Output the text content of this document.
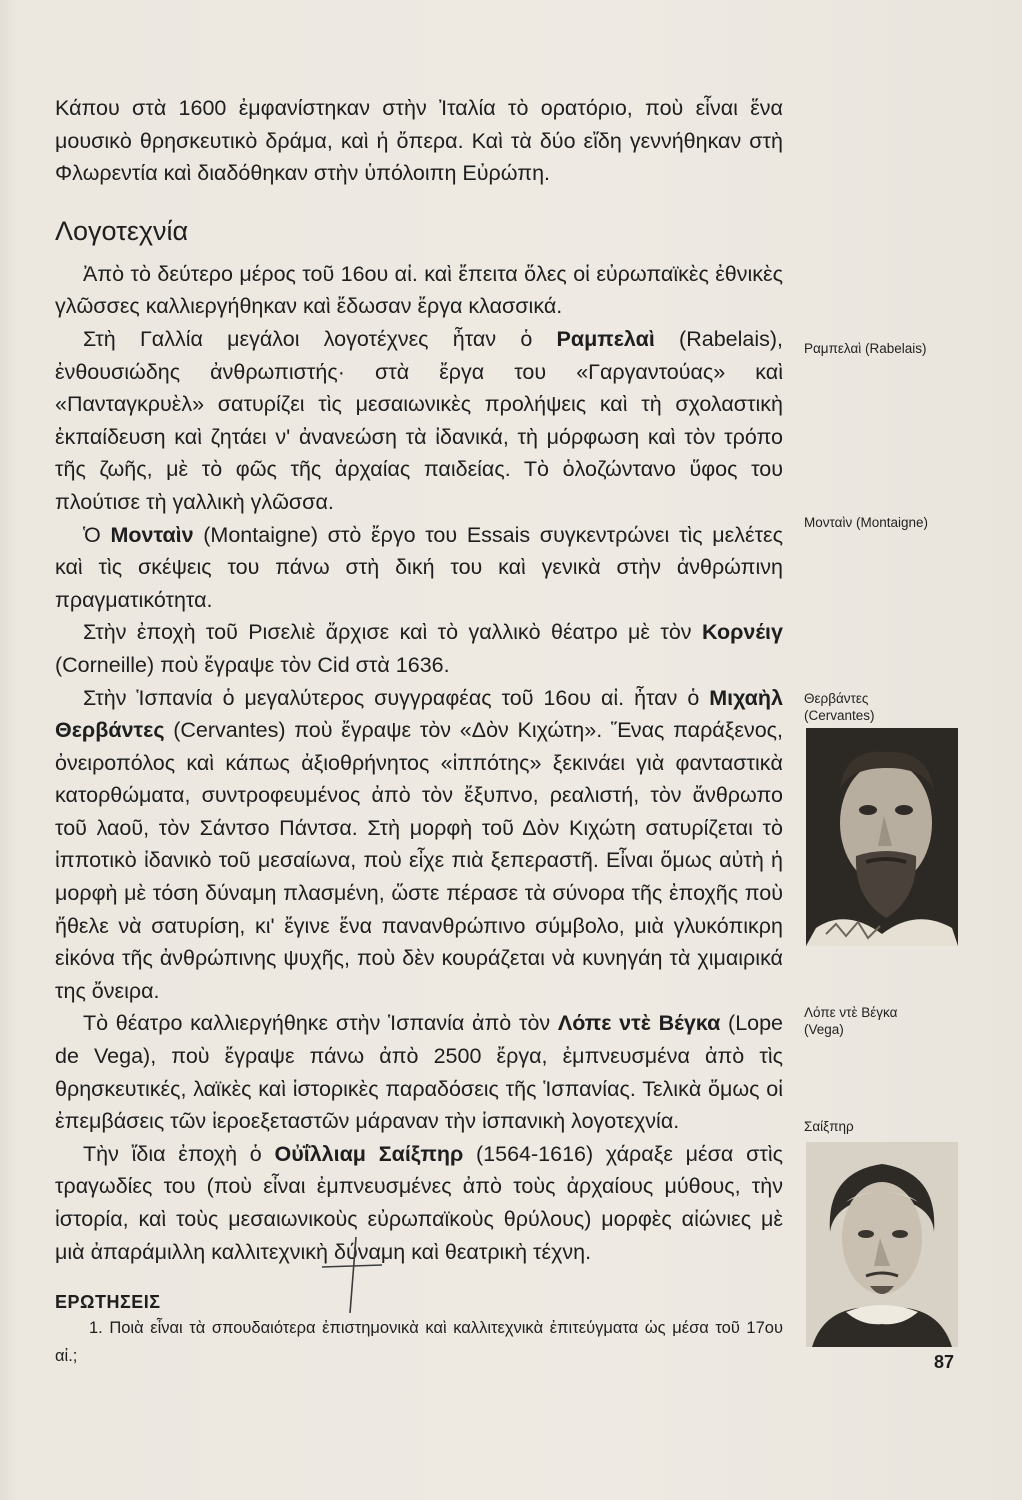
Κάπου στὰ 1600 ἐμφανίστηκαν στὴν Ἰταλία τὸ ορατόριο, ποὺ εἶναι ἕνα μουσικὸ θρησκευτικὸ δράμα, καὶ ἡ ὄπερα. Καὶ τὰ δύο εἴδη γεννήθηκαν στὴ Φλωρεντία καὶ διαδόθηκαν στὴν ὑπόλοιπη Εὐρώπη.

Λογοτεχνία

Ἀπὸ τὸ δεύτερο μέρος τοῦ 16ου αἰ. καὶ ἔπειτα ὅλες οἱ εὐρωπαϊκὲς ἐθνικὲς γλῶσσες καλλιεργήθηκαν καὶ ἔδωσαν ἔργα κλασσικά.

Στὴ Γαλλία μεγάλοι λογοτέχνες ἦταν ὁ Ραμπελαὶ (Rabelais), ἐνθουσιώδης ἀνθρωπιστής· στὰ ἔργα του «Γαργαντούας» καὶ «Πανταγκρυὲλ» σατυρίζει τὶς μεσαιωνικὲς προλήψεις καὶ τὴ σχολαστικὴ ἐκπαίδευση καὶ ζητάει ν' ἀνανεώση τὰ ἰδανικά, τὴ μόρφωση καὶ τὸν τρόπο τῆς ζωῆς, μὲ τὸ φῶς τῆς ἀρχαίας παιδείας. Τὸ ὁλοζώντανο ὕφος του πλούτισε τὴ γαλλικὴ γλῶσσα.

Ὁ Μονταὶν (Montaigne) στὸ ἔργο του Essais συγκεντρώνει τὶς μελέτες καὶ τὶς σκέψεις του πάνω στὴ δική του καὶ γενικὰ στὴν ἀνθρώπινη πραγματικότητα.

Στὴν ἐποχὴ τοῦ Ρισελιὲ ἄρχισε καὶ τὸ γαλλικὸ θέατρο μὲ τὸν Κορνέιγ (Corneille) ποὺ ἔγραψε τὸν Cid στὰ 1636.

Στὴν Ἱσπανία ὁ μεγαλύτερος συγγραφέας τοῦ 16ου αἰ. ἦταν ὁ Μιχαὴλ Θερβάντες (Cervantes) ποὺ ἔγραψε τὸν «Δὸν Κιχώτη». Ἕνας παράξενος, ὀνειροπόλος καὶ κάπως ἀξιοθρήνητος «ἱππότης» ξεκινάει γιὰ φανταστικὰ κατορθώματα, συντροφευμένος ἀπὸ τὸν ἔξυπνο, ρεαλιστή, τὸν ἄνθρωπο τοῦ λαοῦ, τὸν Σάντσο Πάντσα. Στὴ μορφὴ τοῦ Δὸν Κιχώτη σατυρίζεται τὸ ἱπποτικὸ ἰδανικὸ τοῦ μεσαίωνα, ποὺ εἶχε πιὰ ξεπεραστῆ. Εἶναι ὅμως αὐτὴ ἡ μορφὴ μὲ τόση δύναμη πλασμένη, ὥστε πέρασε τὰ σύνορα τῆς ἐποχῆς ποὺ ἤθελε νὰ σατυρίση, κι' ἔγινε ἕνα πανανθρώπινο σύμβολο, μιὰ γλυκόπικρη εἰκόνα τῆς ἀνθρώπινης ψυχῆς, ποὺ δὲν κουράζεται νὰ κυνηγάη τὰ χιμαιρικά της ὄνειρα.

Τὸ θέατρο καλλιεργήθηκε στὴν Ἱσπανία ἀπὸ τὸν Λόπε ντὲ Βέγκα (Lope de Vega), ποὺ ἔγραψε πάνω ἀπὸ 2500 ἔργα, ἐμπνευσμένα ἀπὸ τὶς θρησκευτικές, λαϊκὲς καὶ ἱστορικὲς παραδόσεις τῆς Ἱσπανίας. Τελικὰ ὅμως οἱ ἐπεμβάσεις τῶν ἱεροεξεταστῶν μάραναν τὴν ἱσπανικὴ λογοτεχνία.

Τὴν ἴδια ἐποχὴ ὁ Οὐΐλλιαμ Σαίξπηρ (1564-1616) χάραξε μέσα στὶς τραγωδίες του (ποὺ εἶναι ἐμπνευσμένες ἀπὸ τοὺς ἀρχαίους μύθους, τὴν ἱστορία, καὶ τοὺς μεσαιωνικοὺς εὐρωπαϊκοὺς θρύλους) μορφὲς αἰώνιες μὲ μιὰ ἀπαράμιλλη καλλιτεχνικὴ δύναμη καὶ θεατρικὴ τέχνη.

ΕΡΩΤΗΣΕΙΣ

1. Ποιὰ εἶναι τὰ σπουδαιότερα ἐπιστημονικὰ καὶ καλλιτεχνικὰ ἐπιτεύγματα ὡς μέσα τοῦ 17ου αἰ.;

Ραμπελαὶ (Rabelais)
Μονταὶν (Montaigne)
Θερβάντες (Cervantes)
Λόπε ντὲ Βέγκα (Vega)
Σαίξπηρ
87
